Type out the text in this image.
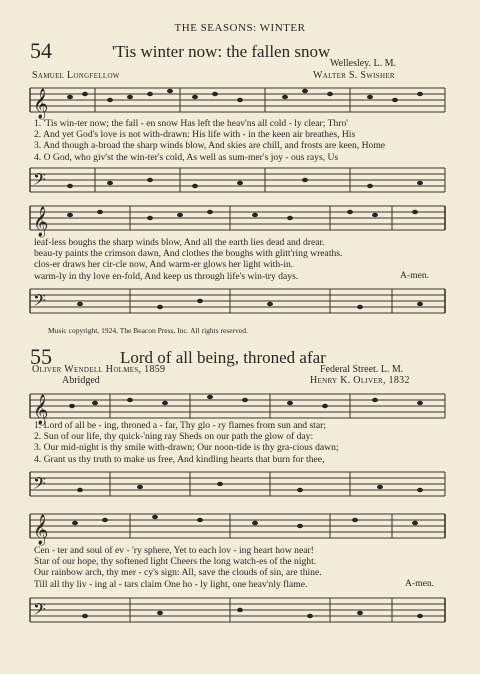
THE SEASONS: WINTER
54	'Tis winter now: the fallen snow
Wellesley. L. M.
Samuel Longfellow	Walter S. Swisher
𝄞
1. 'Tis win-ter now; the fall - en snow Has left the heav'ns all cold - ly clear; Thro'
2. And yet God's love is not with-drawn: His life with - in the keen air breathes, His
3. And though a-broad the sharp winds blow, And skies are chill, and frosts are keen, Home
4. O God, who giv'st the win-ter's cold, As well as sum-mer's joy - ous rays, Us
𝄢
𝄞
leaf-less boughs the sharp winds blow, And all the earth lies dead and drear.
beau-ty paints the crimson dawn, And clothes the boughs with glitt'ring wreaths.
clos-er draws her cir-cle now, And warm-er glows her light with-in.
warm-ly in thy love en-fold, And keep us through life's win-try days.	A-men.
𝄢
Music copyright, 1924, The Beacon Press, Inc. All rights reserved.
55	Lord of all being, throned afar
Oliver Wendell Holmes, 1859	Federal Street. L. M.
Abridged	Henry K. Oliver, 1832
𝄞
1. Lord of all be - ing, throned a - far, Thy glo - ry flames from sun and star;
2. Sun of our life, thy quick-'ning ray Sheds on our path the glow of day:
3. Our mid-night is thy smile with-drawn; Our noon-tide is thy gra-cious dawn;
4. Grant us thy truth to make us free, And kindling hearts that burn for thee,
𝄢
𝄞
Cen - ter and soul of ev - 'ry sphere, Yet to each lov - ing heart how near!
Star of our hope, thy softened light Cheers the long watch-es of the night.
Our rainbow arch, thy mer - cy's sign: All, save the clouds of sin, are thine.
Till all thy liv - ing al - tars claim One ho - ly light, one heav'nly flame.	A-men.
𝄢
